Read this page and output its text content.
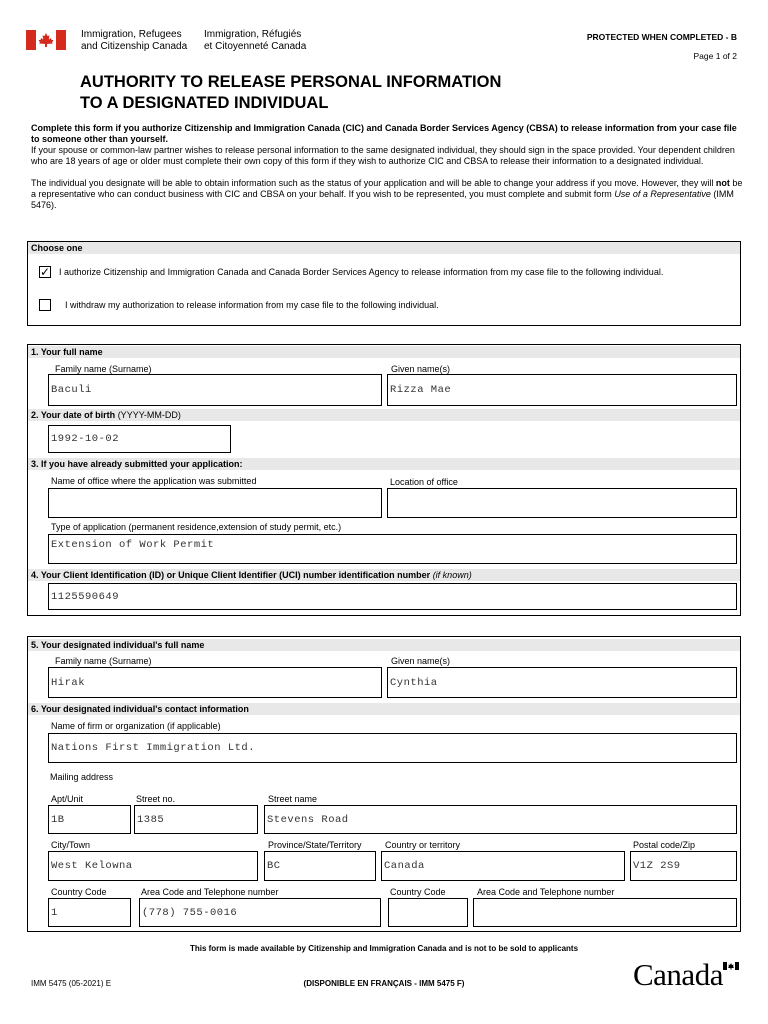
Immigration, Refugees
and Citizenship Canada
Immigration, Réfugiés
et Citoyenneté Canada
PROTECTED WHEN COMPLETED - B
Page 1 of 2
AUTHORITY TO RELEASE PERSONAL INFORMATION
TO A DESIGNATED INDIVIDUAL
Complete this form if you authorize Citizenship and Immigration Canada (CIC) and Canada Border Services Agency (CBSA) to release information from your case file to someone other than yourself.
If your spouse or common-law partner wishes to release personal information to the same designated individual, they should sign in the space provided. Your dependent children who are 18 years of age or older must complete their own copy of this form if they wish to authorize CIC and CBSA to release their information to a designated individual.
The individual you designate will be able to obtain information such as the status of your application and will be able to change your address if you move. However, they will not be a representative who can conduct business with CIC and CBSA on your behalf. If you wish to be represented, you must complete and submit form Use of a Representative (IMM 5476).
Choose one
✓ I authorize Citizenship and Immigration Canada and Canada Border Services Agency to release information from my case file to the following individual.
I withdraw my authorization to release information from my case file to the following individual.
1. Your full name
Family name (Surname)	Given name(s)
Baculi	Rizza Mae
2. Your date of birth (YYYY-MM-DD)
1992-10-02
3. If you have already submitted your application:
Name of office where the application was submitted	Location of office
Type of application (permanent residence,extension of study permit, etc.)
Extension of Work Permit
4. Your Client Identification (ID) or Unique Client Identifier (UCI) number identification number (if known)
1125590649
5. Your designated individual's full name
Family name (Surname)	Given name(s)
Hirak	Cynthia
6. Your designated individual's contact information
Name of firm or organization (if applicable)
Nations First Immigration Ltd.
Mailing address
Apt/Unit	Street no.	Street name
1B	1385	Stevens Road
City/Town	Province/State/Territory	Country or territory	Postal code/Zip
West Kelowna	BC	Canada	V1Z 2S9
Country Code	Area Code and Telephone number	Country Code	Area Code and Telephone number
1	(778) 755-0016
This form is made available by Citizenship and Immigration Canada and is not to be sold to applicants
IMM 5475 (05-2021) E	(DISPONIBLE EN FRANÇAIS - IMM 5475 F)	Canada
